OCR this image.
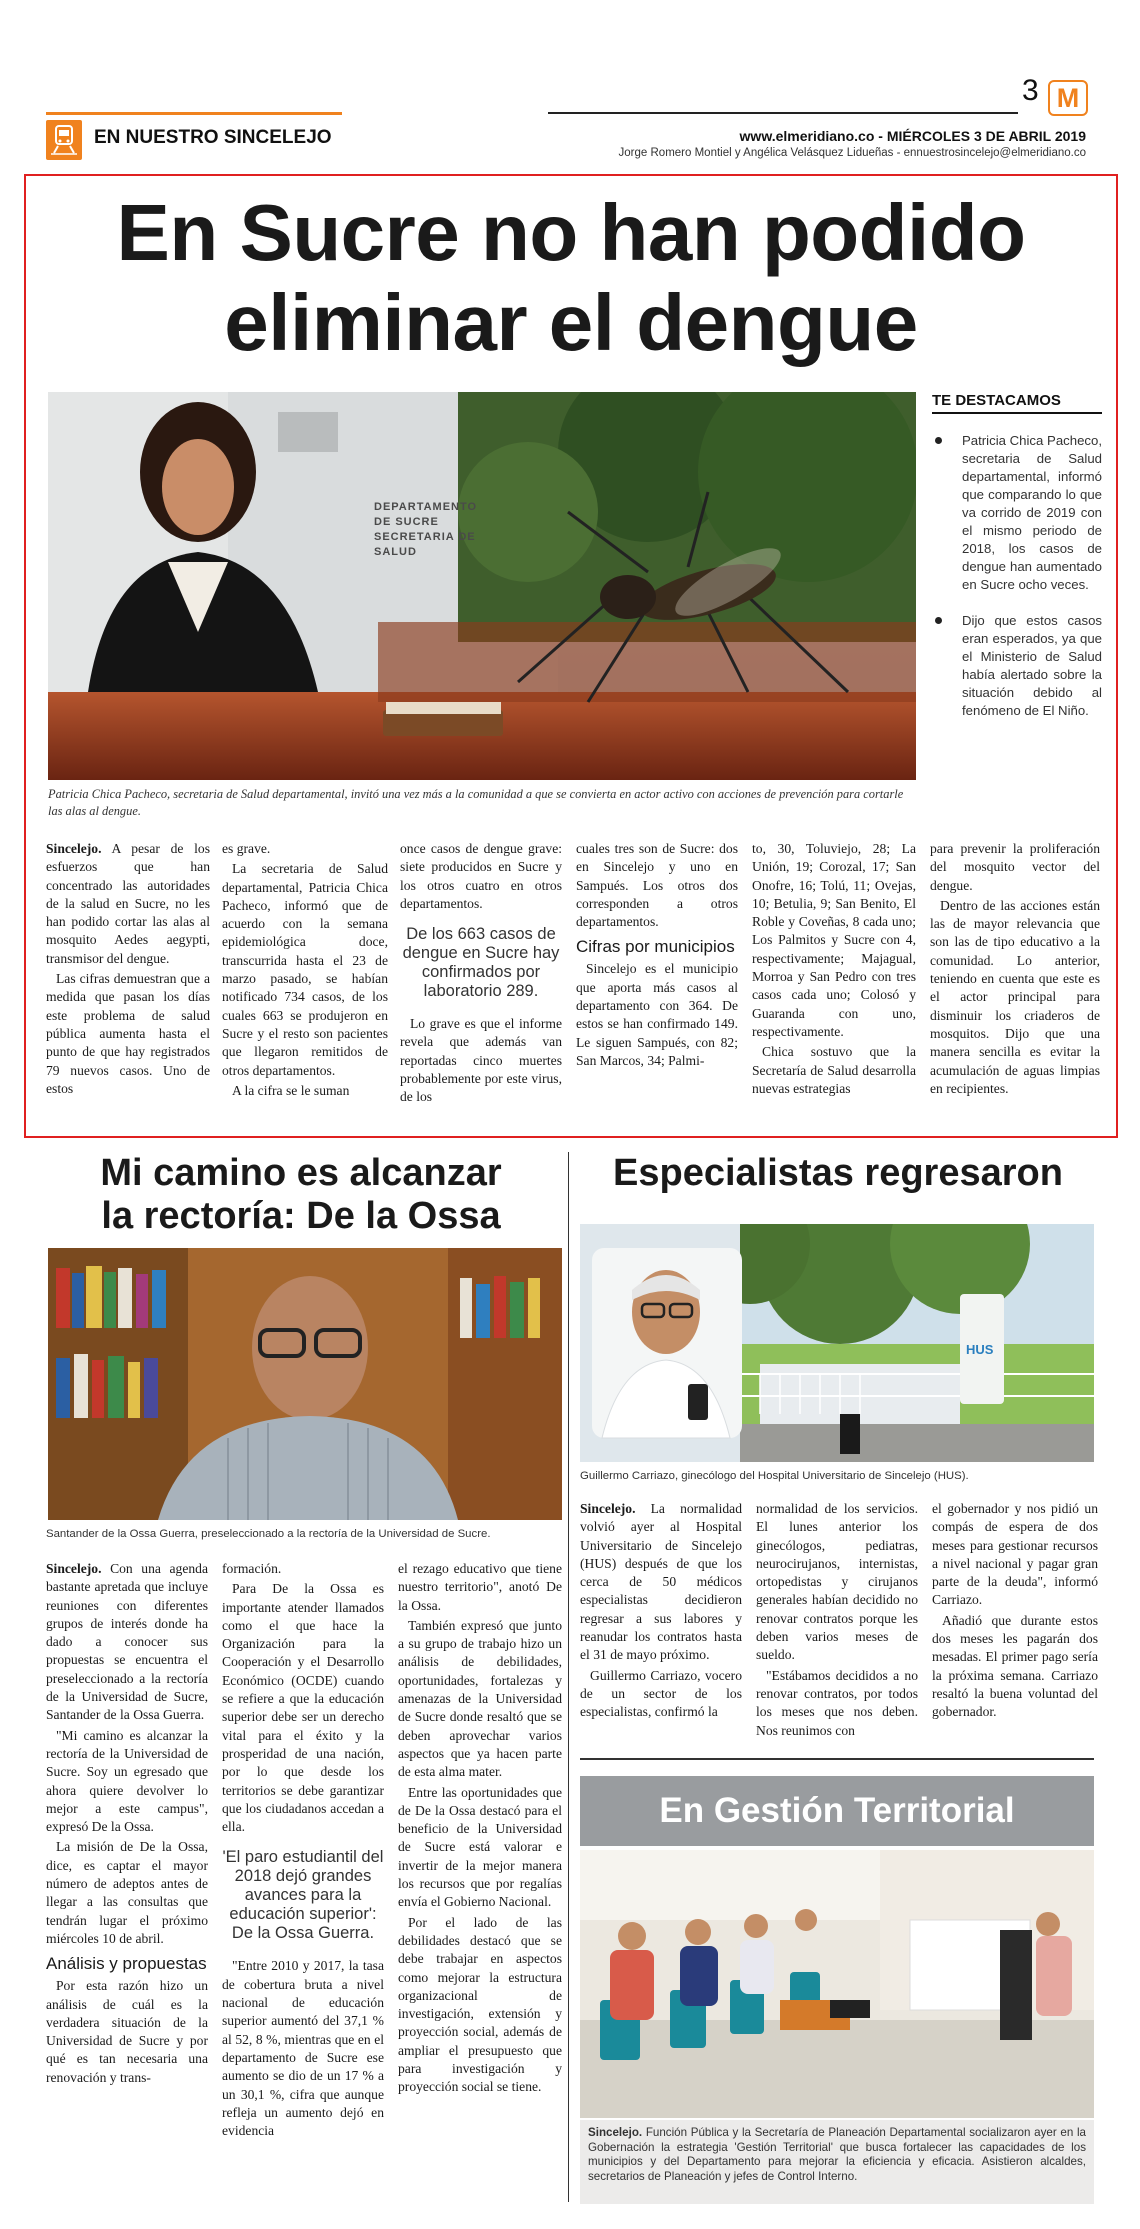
EN NUESTRO SINCELEJO
3 M
www.elmeridiano.co - MIÉRCOLES 3 DE ABRIL 2019
Jorge Romero Montiel y Angélica Velásquez Lidueñas - ennuestrosincelejo@elmeridiano.co
En Sucre no han podido
eliminar el dengue
DEPARTAMENTO DE SUCRE SECRETARIA DE SALUD
Patricia Chica Pacheco, secretaria de Salud departamental, invitó una vez más a la comunidad a que se convierta en actor activo con acciones de prevención para cortarle las alas al dengue.
TE DESTACAMOS
Patricia Chica Pacheco, secretaria de Salud departamental, informó que comparando lo que va corrido de 2019 con el mismo periodo de 2018, los casos de dengue han aumentado en Sucre ocho veces.
Dijo que estos casos eran esperados, ya que el Ministerio de Salud había alertado sobre la situación debido al fenómeno de El Niño.

Sincelejo. A pesar de los esfuerzos que han concentrado las autoridades de la salud en Sucre, no les han podido cortar las alas al mosquito Aedes aegypti, transmisor del dengue.

Las cifras demuestran que a medida que pasan los días este problema de salud pública aumenta hasta el punto de que hay registrados 79 nuevos casos. Uno de estos

es grave.

La secretaria de Salud departamental, Patricia Chica Pacheco, informó que de acuerdo con la semana epidemiológica doce, transcurrida hasta el 23 de marzo pasado, se habían notificado 734 casos, de los cuales 663 se produjeron en Sucre y el resto son pacientes que llegaron remitidos de otros departamentos.

A la cifra se le suman

once casos de dengue grave: siete producidos en Sucre y los otros cuatro en otros departamentos.

De los 663 casos de dengue en Sucre hay confirmados por laboratorio 289.

Lo grave es que el informe revela que además van reportadas cinco muertes probablemente por este virus, de los

cuales tres son de Sucre: dos en Sincelejo y uno en Sampués. Los otros dos corresponden a otros departamentos.

Cifras por municipios

Sincelejo es el municipio que aporta más casos al departamento con 364. De estos se han confirmado 149. Le siguen Sampués, con 82; San Marcos, 34; Palmi-

to, 30, Toluviejo, 28; La Unión, 19; Corozal, 17; San Onofre, 16; Tolú, 11; Ovejas, 10; Betulia, 9; San Benito, El Roble y Coveñas, 8 cada uno; Los Palmitos y Sucre con 4, respectivamente; Majagual, Morroa y San Pedro con tres casos cada uno; Colosó y Guaranda con uno, respectivamente.

Chica sostuvo que la Secretaría de Salud desarrolla nuevas estrategias

para prevenir la proliferación del mosquito vector del dengue.

Dentro de las acciones están las de mayor relevancia que son las de tipo educativo a la comunidad. Lo anterior, teniendo en cuenta que este es el actor principal para disminuir los criaderos de mosquitos. Dijo que una manera sencilla es evitar la acumulación de aguas limpias en recipientes.

Mi camino es alcanzar
la rectoría: De la Ossa
Santander de la Ossa Guerra, preseleccionado a la rectoría de la Universidad de Sucre.

Sincelejo. Con una agenda bastante apretada que incluye reuniones con diferentes grupos de interés donde ha dado a conocer sus propuestas se encuentra el preseleccionado a la rectoría de la Universidad de Sucre, Santander de la Ossa Guerra.

"Mi camino es alcanzar la rectoría de la Universidad de Sucre. Soy un egresado que ahora quiere devolver lo mejor a este campus", expresó De la Ossa.

La misión de De la Ossa, dice, es captar el mayor número de adeptos antes de llegar a las consultas que tendrán lugar el próximo miércoles 10 de abril.

Análisis y propuestas

Por esta razón hizo un análisis de cuál es la verdadera situación de la Universidad de Sucre y por qué es tan necesaria una renovación y trans-

formación.

Para De la Ossa es importante atender llamados como el que hace la Organización para la Cooperación y el Desarrollo Económico (OCDE) cuando se refiere a que la educación superior debe ser un derecho vital para el éxito y la prosperidad de una nación, por lo que desde los territorios se debe garantizar que los ciudadanos accedan a ella.

'El paro estudiantil del 2018 dejó grandes avances para la educación superior': De la Ossa Guerra.

"Entre 2010 y 2017, la tasa de cobertura bruta a nivel nacional de educación superior aumentó del 37,1 % al 52, 8 %, mientras que en el departamento de Sucre ese aumento se dio de un 17 % a un 30,1 %, cifra que aunque refleja un aumento dejó en evidencia

el rezago educativo que tiene nuestro territorio", anotó De la Ossa.

También expresó que junto a su grupo de trabajo hizo un análisis de debilidades, oportunidades, fortalezas y amenazas de la Universidad de Sucre donde resaltó que se deben aprovechar varios aspectos que ya hacen parte de esta alma mater.

Entre las oportunidades que de De la Ossa destacó para el beneficio de la Universidad de Sucre está valorar e invertir de la mejor manera los recursos que por regalías envía el Gobierno Nacional.

Por el lado de las debilidades destacó que se debe trabajar en aspectos como mejorar la estructura organizacional de investigación, extensión y proyección social, además de ampliar el presupuesto que para investigación y proyección social se tiene.

Especialistas regresaron
HUS
Guillermo Carriazo, ginecólogo del Hospital Universitario de Sincelejo (HUS).

Sincelejo. La normalidad volvió ayer al Hospital Universitario de Sincelejo (HUS) después de que los cerca de 50 médicos especialistas decidieron regresar a sus labores y reanudar los contratos hasta el 31 de mayo próximo.

Guillermo Carriazo, vocero de un sector de los especialistas, confirmó la

normalidad de los servicios. El lunes anterior los ginecólogos, pediatras, neurocirujanos, internistas, ortopedistas y cirujanos generales habían decidido no renovar contratos porque les deben varios meses de sueldo.

"Estábamos decididos a no renovar contratos, por todos los meses que nos deben. Nos reunimos con

el gobernador y nos pidió un compás de espera de dos meses para gestionar recursos a nivel nacional y pagar gran parte de la deuda", informó Carriazo.

Añadió que durante estos dos meses les pagarán dos mesadas. El primer pago sería la próxima semana. Carriazo resaltó la buena voluntad del gobernador.

En Gestión Territorial
Sincelejo. Función Pública y la Secretaría de Planeación Departamental socializaron ayer en la Gobernación la estrategia 'Gestión Territorial' que busca fortalecer las capacidades de los municipios y del Departamento para mejorar la eficiencia y eficacia. Asistieron alcaldes, secretarios de Planeación y jefes de Control Interno.
